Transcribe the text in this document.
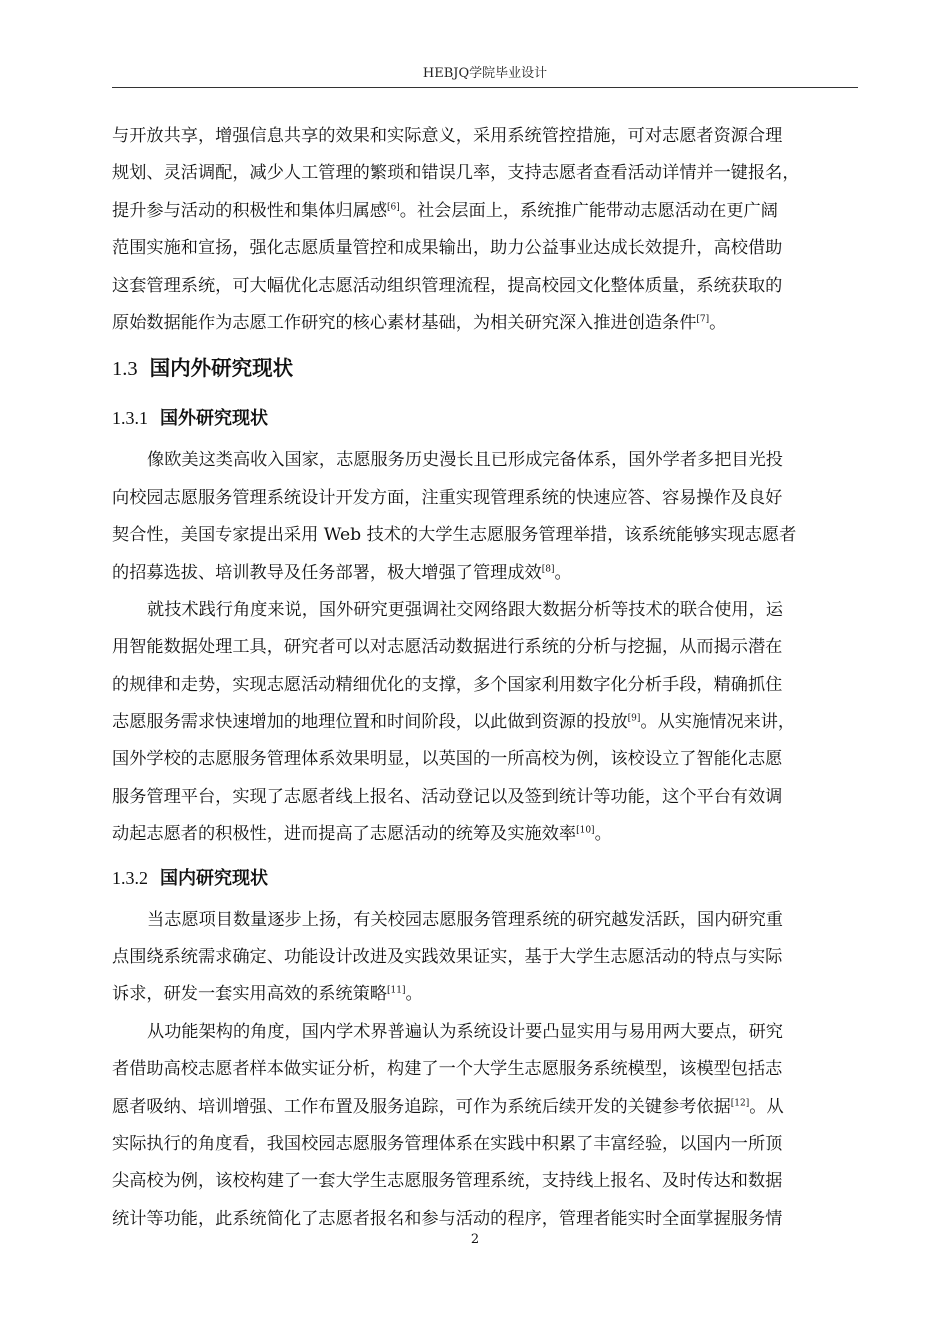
HEBJQ学院毕业设计
与开放共享，增强信息共享的效果和实际意义，采用系统管控措施，可对志愿者资源合理
规划、灵活调配，减少人工管理的繁琐和错误几率，支持志愿者查看活动详情并一键报名，
提升参与活动的积极性和集体归属感[6]。社会层面上，系统推广能带动志愿活动在更广阔
范围实施和宣扬，强化志愿质量管控和成果输出，助力公益事业达成长效提升，高校借助
这套管理系统，可大幅优化志愿活动组织管理流程，提高校园文化整体质量，系统获取的
原始数据能作为志愿工作研究的核心素材基础，为相关研究深入推进创造条件[7]。
1.3 国内外研究现状
1.3.1 国外研究现状
像欧美这类高收入国家，志愿服务历史漫长且已形成完备体系，国外学者多把目光投
向校园志愿服务管理系统设计开发方面，注重实现管理系统的快速应答、容易操作及良好
契合性，美国专家提出采用 Web 技术的大学生志愿服务管理举措，该系统能够实现志愿者
的招募选拔、培训教导及任务部署，极大增强了管理成效[8]。
就技术践行角度来说，国外研究更强调社交网络跟大数据分析等技术的联合使用，运
用智能数据处理工具，研究者可以对志愿活动数据进行系统的分析与挖掘，从而揭示潜在
的规律和走势，实现志愿活动精细优化的支撑，多个国家利用数字化分析手段，精确抓住
志愿服务需求快速增加的地理位置和时间阶段，以此做到资源的投放[9]。从实施情况来讲，
国外学校的志愿服务管理体系效果明显，以英国的一所高校为例，该校设立了智能化志愿
服务管理平台，实现了志愿者线上报名、活动登记以及签到统计等功能，这个平台有效调
动起志愿者的积极性，进而提高了志愿活动的统筹及实施效率[10]。
1.3.2 国内研究现状
当志愿项目数量逐步上扬，有关校园志愿服务管理系统的研究越发活跃，国内研究重
点围绕系统需求确定、功能设计改进及实践效果证实，基于大学生志愿活动的特点与实际
诉求，研发一套实用高效的系统策略[11]。
从功能架构的角度，国内学术界普遍认为系统设计要凸显实用与易用两大要点，研究
者借助高校志愿者样本做实证分析，构建了一个大学生志愿服务系统模型，该模型包括志
愿者吸纳、培训增强、工作布置及服务追踪，可作为系统后续开发的关键参考依据[12]。从
实际执行的角度看，我国校园志愿服务管理体系在实践中积累了丰富经验，以国内一所顶
尖高校为例，该校构建了一套大学生志愿服务管理系统，支持线上报名、及时传达和数据
统计等功能，此系统简化了志愿者报名和参与活动的程序，管理者能实时全面掌握服务情
2
